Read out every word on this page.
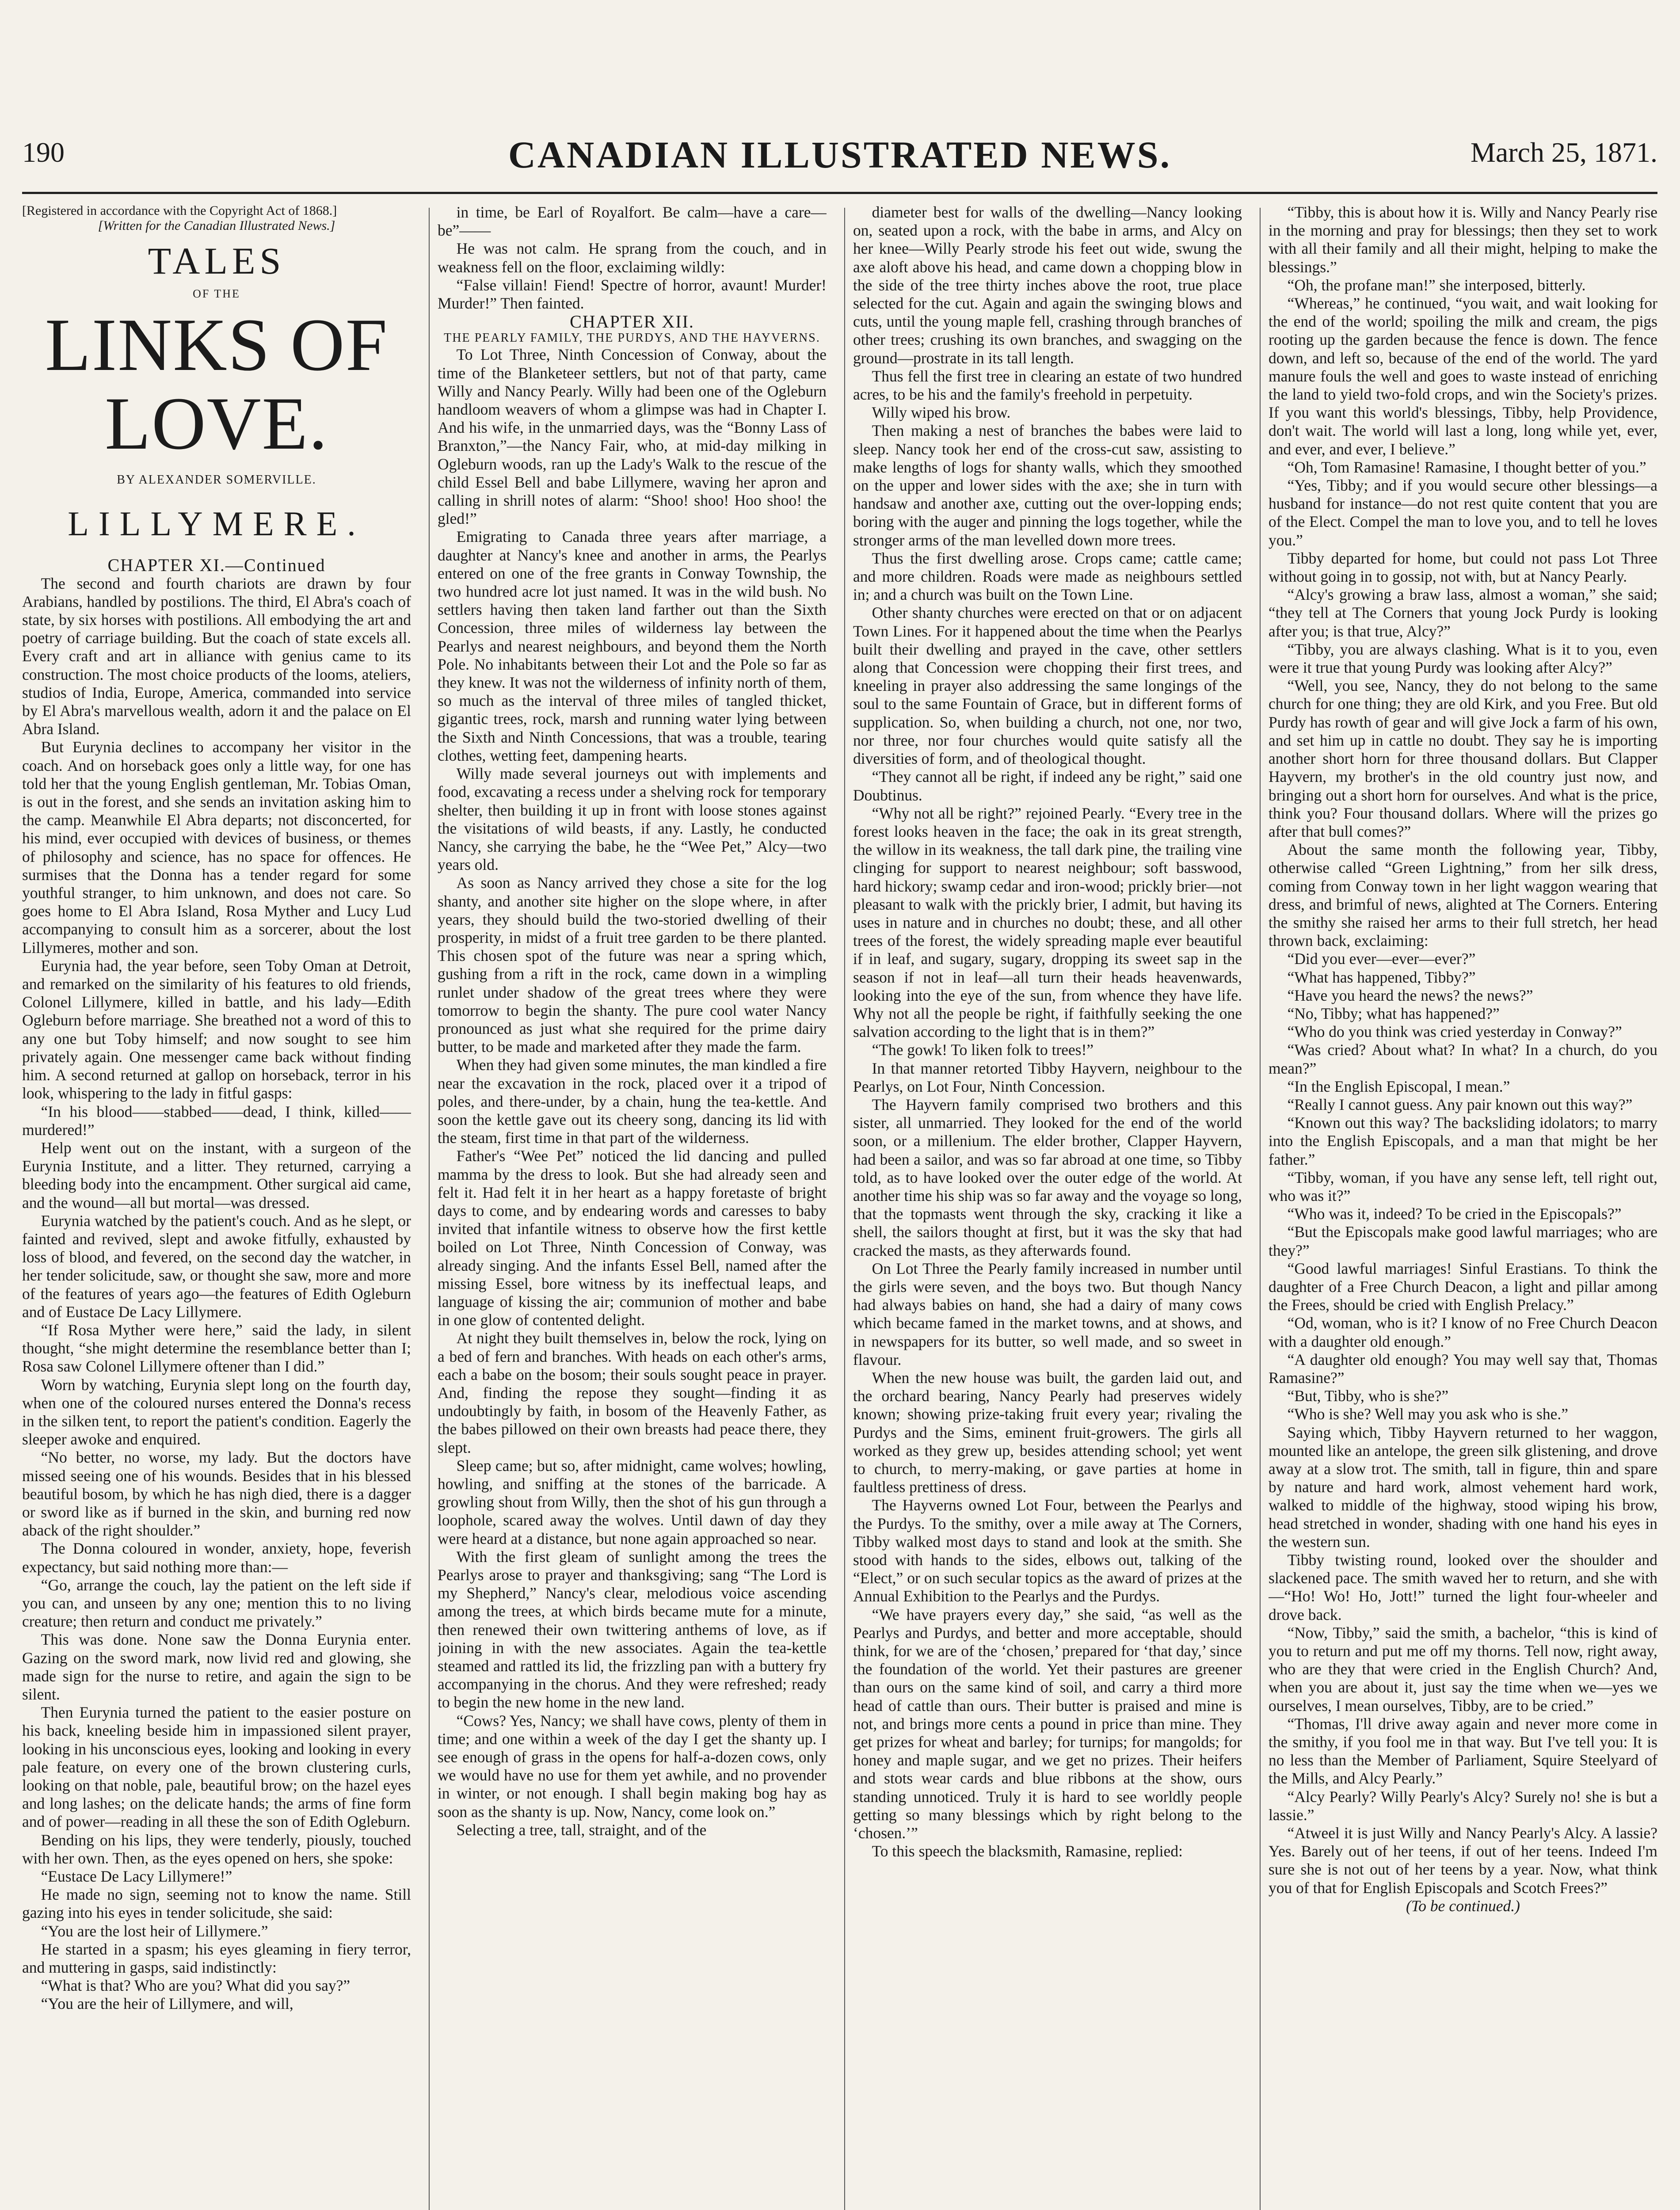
190	CANADIAN ILLUSTRATED NEWS.	March 25, 1871.

[Registered in accordance with the Copyright Act of 1868.]

[Written for the Canadian Illustrated News.]

TALES
OF THE
LINKS OF LOVE.
BY ALEXANDER SOMERVILLE.
LILLYMERE.

CHAPTER XI.—Continued

The second and fourth chariots are drawn by four Arabians, handled by postilions. The third, El Abra's coach of state, by six horses with postilions. All embodying the art and poetry of carriage building. But the coach of state excels all. Every craft and art in alliance with genius came to its construction. The most choice products of the looms, ateliers, studios of India, Europe, America, commanded into service by El Abra's marvellous wealth, adorn it and the palace on El Abra Island.

But Eurynia declines to accompany her visitor in the coach. And on horseback goes only a little way, for one has told her that the young English gentleman, Mr. Tobias Oman, is out in the forest, and she sends an invitation asking him to the camp. Meanwhile El Abra departs; not disconcerted, for his mind, ever occupied with devices of business, or themes of philosophy and science, has no space for offences. He surmises that the Donna has a tender regard for some youthful stranger, to him unknown, and does not care. So goes home to El Abra Island, Rosa Myther and Lucy Lud accompanying to consult him as a sorcerer, about the lost Lillymeres, mother and son.

Eurynia had, the year before, seen Toby Oman at Detroit, and remarked on the similarity of his features to old friends, Colonel Lillymere, killed in battle, and his lady—Edith Ogleburn before marriage. She breathed not a word of this to any one but Toby himself; and now sought to see him privately again. One messenger came back without finding him. A second returned at gallop on horseback, terror in his look, whispering to the lady in fitful gasps:

“In his blood——stabbed——dead, I think, killed——murdered!”

Help went out on the instant, with a surgeon of the Eurynia Institute, and a litter. They returned, carrying a bleeding body into the encampment. Other surgical aid came, and the wound—all but mortal—was dressed.

Eurynia watched by the patient's couch. And as he slept, or fainted and revived, slept and awoke fitfully, exhausted by loss of blood, and fevered, on the second day the watcher, in her tender solicitude, saw, or thought she saw, more and more of the features of years ago—the features of Edith Ogleburn and of Eustace De Lacy Lillymere.

“If Rosa Myther were here,” said the lady, in silent thought, “she might determine the resemblance better than I; Rosa saw Colonel Lillymere oftener than I did.”

Worn by watching, Eurynia slept long on the fourth day, when one of the coloured nurses entered the Donna's recess in the silken tent, to report the patient's condition. Eagerly the sleeper awoke and enquired.

“No better, no worse, my lady. But the doctors have missed seeing one of his wounds. Besides that in his blessed beautiful bosom, by which he has nigh died, there is a dagger or sword like as if burned in the skin, and burning red now aback of the right shoulder.”

The Donna coloured in wonder, anxiety, hope, feverish expectancy, but said nothing more than:—

“Go, arrange the couch, lay the patient on the left side if you can, and unseen by any one; mention this to no living creature; then return and conduct me privately.”

This was done. None saw the Donna Eurynia enter. Gazing on the sword mark, now livid red and glowing, she made sign for the nurse to retire, and again the sign to be silent.

Then Eurynia turned the patient to the easier posture on his back, kneeling beside him in impassioned silent prayer, looking in his unconscious eyes, looking and looking in every pale feature, on every one of the brown clustering curls, looking on that noble, pale, beautiful brow; on the hazel eyes and long lashes; on the delicate hands; the arms of fine form and of power—reading in all these the son of Edith Ogleburn.

Bending on his lips, they were tenderly, piously, touched with her own. Then, as the eyes opened on hers, she spoke:

“Eustace De Lacy Lillymere!”

He made no sign, seeming not to know the name. Still gazing into his eyes in tender solicitude, she said:

“You are the lost heir of Lillymere.”

He started in a spasm; his eyes gleaming in fiery terror, and muttering in gasps, said indistinctly:

“What is that? Who are you? What did you say?”

“You are the heir of Lillymere, and will,

in time, be Earl of Royalfort. Be calm—have a care—be”——

He was not calm. He sprang from the couch, and in weakness fell on the floor, exclaiming wildly:

“False villain! Fiend! Spectre of horror, avaunt! Murder! Murder!” Then fainted.

CHAPTER XII.

THE PEARLY FAMILY, THE PURDYS, AND THE HAYVERNS.

To Lot Three, Ninth Concession of Conway, about the time of the Blanketeer settlers, but not of that party, came Willy and Nancy Pearly. Willy had been one of the Ogleburn handloom weavers of whom a glimpse was had in Chapter I. And his wife, in the unmarried days, was the “Bonny Lass of Branxton,”—the Nancy Fair, who, at mid-day milking in Ogleburn woods, ran up the Lady's Walk to the rescue of the child Essel Bell and babe Lillymere, waving her apron and calling in shrill notes of alarm: “Shoo! shoo! Hoo shoo! the gled!”

Emigrating to Canada three years after marriage, a daughter at Nancy's knee and another in arms, the Pearlys entered on one of the free grants in Conway Township, the two hundred acre lot just named. It was in the wild bush. No settlers having then taken land farther out than the Sixth Concession, three miles of wilderness lay between the Pearlys and nearest neighbours, and beyond them the North Pole. No inhabitants between their Lot and the Pole so far as they knew. It was not the wilderness of infinity north of them, so much as the interval of three miles of tangled thicket, gigantic trees, rock, marsh and running water lying between the Sixth and Ninth Concessions, that was a trouble, tearing clothes, wetting feet, dampening hearts.

Willy made several journeys out with implements and food, excavating a recess under a shelving rock for temporary shelter, then building it up in front with loose stones against the visitations of wild beasts, if any. Lastly, he conducted Nancy, she carrying the babe, he the “Wee Pet,” Alcy—two years old.

As soon as Nancy arrived they chose a site for the log shanty, and another site higher on the slope where, in after years, they should build the two-storied dwelling of their prosperity, in midst of a fruit tree garden to be there planted. This chosen spot of the future was near a spring which, gushing from a rift in the rock, came down in a wimpling runlet under shadow of the great trees where they were tomorrow to begin the shanty. The pure cool water Nancy pronounced as just what she required for the prime dairy butter, to be made and marketed after they made the farm.

When they had given some minutes, the man kindled a fire near the excavation in the rock, placed over it a tripod of poles, and there-under, by a chain, hung the tea-kettle. And soon the kettle gave out its cheery song, dancing its lid with the steam, first time in that part of the wilderness.

Father's “Wee Pet” noticed the lid dancing and pulled mamma by the dress to look. But she had already seen and felt it. Had felt it in her heart as a happy foretaste of bright days to come, and by endearing words and caresses to baby invited that infantile witness to observe how the first kettle boiled on Lot Three, Ninth Concession of Conway, was already singing. And the infants Essel Bell, named after the missing Essel, bore witness by its ineffectual leaps, and language of kissing the air; communion of mother and babe in one glow of contented delight.

At night they built themselves in, below the rock, lying on a bed of fern and branches. With heads on each other's arms, each a babe on the bosom; their souls sought peace in prayer. And, finding the repose they sought—finding it as undoubtingly by faith, in bosom of the Heavenly Father, as the babes pillowed on their own breasts had peace there, they slept.

Sleep came; but so, after midnight, came wolves; howling, howling, and sniffing at the stones of the barricade. A growling shout from Willy, then the shot of his gun through a loophole, scared away the wolves. Until dawn of day they were heard at a distance, but none again approached so near.

With the first gleam of sunlight among the trees the Pearlys arose to prayer and thanksgiving; sang “The Lord is my Shepherd,” Nancy's clear, melodious voice ascending among the trees, at which birds became mute for a minute, then renewed their own twittering anthems of love, as if joining in with the new associates. Again the tea-kettle steamed and rattled its lid, the frizzling pan with a buttery fry accompanying in the chorus. And they were refreshed; ready to begin the new home in the new land.

“Cows? Yes, Nancy; we shall have cows, plenty of them in time; and one within a week of the day I get the shanty up. I see enough of grass in the opens for half-a-dozen cows, only we would have no use for them yet awhile, and no provender in winter, or not enough. I shall begin making bog hay as soon as the shanty is up. Now, Nancy, come look on.”

Selecting a tree, tall, straight, and of the

diameter best for walls of the dwelling—Nancy looking on, seated upon a rock, with the babe in arms, and Alcy on her knee—Willy Pearly strode his feet out wide, swung the axe aloft above his head, and came down a chopping blow in the side of the tree thirty inches above the root, true place selected for the cut. Again and again the swinging blows and cuts, until the young maple fell, crashing through branches of other trees; crushing its own branches, and swagging on the ground—prostrate in its tall length.

Thus fell the first tree in clearing an estate of two hundred acres, to be his and the family's freehold in perpetuity.

Willy wiped his brow.

Then making a nest of branches the babes were laid to sleep. Nancy took her end of the cross-cut saw, assisting to make lengths of logs for shanty walls, which they smoothed on the upper and lower sides with the axe; she in turn with handsaw and another axe, cutting out the over-lopping ends; boring with the auger and pinning the logs together, while the stronger arms of the man levelled down more trees.

Thus the first dwelling arose. Crops came; cattle came; and more children. Roads were made as neighbours settled in; and a church was built on the Town Line.

Other shanty churches were erected on that or on adjacent Town Lines. For it happened about the time when the Pearlys built their dwelling and prayed in the cave, other settlers along that Concession were chopping their first trees, and kneeling in prayer also addressing the same longings of the soul to the same Fountain of Grace, but in different forms of supplication. So, when building a church, not one, nor two, nor three, nor four churches would quite satisfy all the diversities of form, and of theological thought.

“They cannot all be right, if indeed any be right,” said one Doubtinus.

“Why not all be right?” rejoined Pearly. “Every tree in the forest looks heaven in the face; the oak in its great strength, the willow in its weakness, the tall dark pine, the trailing vine clinging for support to nearest neighbour; soft basswood, hard hickory; swamp cedar and iron-wood; prickly brier—not pleasant to walk with the prickly brier, I admit, but having its uses in nature and in churches no doubt; these, and all other trees of the forest, the widely spreading maple ever beautiful if in leaf, and sugary, sugary, dropping its sweet sap in the season if not in leaf—all turn their heads heavenwards, looking into the eye of the sun, from whence they have life. Why not all the people be right, if faithfully seeking the one salvation according to the light that is in them?”

“The gowk! To liken folk to trees!”

In that manner retorted Tibby Hayvern, neighbour to the Pearlys, on Lot Four, Ninth Concession.

The Hayvern family comprised two brothers and this sister, all unmarried. They looked for the end of the world soon, or a millenium. The elder brother, Clapper Hayvern, had been a sailor, and was so far abroad at one time, so Tibby told, as to have looked over the outer edge of the world. At another time his ship was so far away and the voyage so long, that the topmasts went through the sky, cracking it like a shell, the sailors thought at first, but it was the sky that had cracked the masts, as they afterwards found.

On Lot Three the Pearly family increased in number until the girls were seven, and the boys two. But though Nancy had always babies on hand, she had a dairy of many cows which became famed in the market towns, and at shows, and in newspapers for its butter, so well made, and so sweet in flavour.

When the new house was built, the garden laid out, and the orchard bearing, Nancy Pearly had preserves widely known; showing prize-taking fruit every year; rivaling the Purdys and the Sims, eminent fruit-growers. The girls all worked as they grew up, besides attending school; yet went to church, to merry-making, or gave parties at home in faultless prettiness of dress.

The Hayverns owned Lot Four, between the Pearlys and the Purdys. To the smithy, over a mile away at The Corners, Tibby walked most days to stand and look at the smith. She stood with hands to the sides, elbows out, talking of the “Elect,” or on such secular topics as the award of prizes at the Annual Exhibition to the Pearlys and the Purdys.

“We have prayers every day,” she said, “as well as the Pearlys and Purdys, and better and more acceptable, should think, for we are of the ‘chosen,’ prepared for ‘that day,’ since the foundation of the world. Yet their pastures are greener than ours on the same kind of soil, and carry a third more head of cattle than ours. Their butter is praised and mine is not, and brings more cents a pound in price than mine. They get prizes for wheat and barley; for turnips; for mangolds; for honey and maple sugar, and we get no prizes. Their heifers and stots wear cards and blue ribbons at the show, ours standing unnoticed. Truly it is hard to see worldly people getting so many blessings which by right belong to the ‘chosen.’”

To this speech the blacksmith, Ramasine, replied:

“Tibby, this is about how it is. Willy and Nancy Pearly rise in the morning and pray for blessings; then they set to work with all their family and all their might, helping to make the blessings.”

“Oh, the profane man!” she interposed, bitterly.

“Whereas,” he continued, “you wait, and wait looking for the end of the world; spoiling the milk and cream, the pigs rooting up the garden because the fence is down. The fence down, and left so, because of the end of the world. The yard manure fouls the well and goes to waste instead of enriching the land to yield two-fold crops, and win the Society's prizes. If you want this world's blessings, Tibby, help Providence, don't wait. The world will last a long, long while yet, ever, and ever, and ever, I believe.”

“Oh, Tom Ramasine! Ramasine, I thought better of you.”

“Yes, Tibby; and if you would secure other blessings—a husband for instance—do not rest quite content that you are of the Elect. Compel the man to love you, and to tell he loves you.”

Tibby departed for home, but could not pass Lot Three without going in to gossip, not with, but at Nancy Pearly.

“Alcy's growing a braw lass, almost a woman,” she said; “they tell at The Corners that young Jock Purdy is looking after you; is that true, Alcy?”

“Tibby, you are always clashing. What is it to you, even were it true that young Purdy was looking after Alcy?”

“Well, you see, Nancy, they do not belong to the same church for one thing; they are old Kirk, and you Free. But old Purdy has rowth of gear and will give Jock a farm of his own, and set him up in cattle no doubt. They say he is importing another short horn for three thousand dollars. But Clapper Hayvern, my brother's in the old country just now, and bringing out a short horn for ourselves. And what is the price, think you? Four thousand dollars. Where will the prizes go after that bull comes?”

About the same month the following year, Tibby, otherwise called “Green Lightning,” from her silk dress, coming from Conway town in her light waggon wearing that dress, and brimful of news, alighted at The Corners. Entering the smithy she raised her arms to their full stretch, her head thrown back, exclaiming:

“Did you ever—ever—ever?”

“What has happened, Tibby?”

“Have you heard the news? the news?”

“No, Tibby; what has happened?”

“Who do you think was cried yesterday in Conway?”

“Was cried? About what? In what? In a church, do you mean?”

“In the English Episcopal, I mean.”

“Really I cannot guess. Any pair known out this way?”

“Known out this way? The backsliding idolators; to marry into the English Episcopals, and a man that might be her father.”

“Tibby, woman, if you have any sense left, tell right out, who was it?”

“Who was it, indeed? To be cried in the Episcopals?”

“But the Episcopals make good lawful marriages; who are they?”

“Good lawful marriages! Sinful Erastians. To think the daughter of a Free Church Deacon, a light and pillar among the Frees, should be cried with English Prelacy.”

“Od, woman, who is it? I know of no Free Church Deacon with a daughter old enough.”

“A daughter old enough? You may well say that, Thomas Ramasine?”

“But, Tibby, who is she?”

“Who is she? Well may you ask who is she.”

Saying which, Tibby Hayvern returned to her waggon, mounted like an antelope, the green silk glistening, and drove away at a slow trot. The smith, tall in figure, thin and spare by nature and hard work, almost vehement hard work, walked to middle of the highway, stood wiping his brow, head stretched in wonder, shading with one hand his eyes in the western sun.

Tibby twisting round, looked over the shoulder and slackened pace. The smith waved her to return, and she with—“Ho! Wo! Ho, Jott!” turned the light four-wheeler and drove back.

“Now, Tibby,” said the smith, a bachelor, “this is kind of you to return and put me off my thorns. Tell now, right away, who are they that were cried in the English Church? And, when you are about it, just say the time when we—yes we ourselves, I mean ourselves, Tibby, are to be cried.”

“Thomas, I'll drive away again and never more come in the smithy, if you fool me in that way. But I've tell you: It is no less than the Member of Parliament, Squire Steelyard of the Mills, and Alcy Pearly.”

“Alcy Pearly? Willy Pearly's Alcy? Surely no! she is but a lassie.”

“Atweel it is just Willy and Nancy Pearly's Alcy. A lassie? Yes. Barely out of her teens, if out of her teens. Indeed I'm sure she is not out of her teens by a year. Now, what think you of that for English Episcopals and Scotch Frees?”

(To be continued.)
